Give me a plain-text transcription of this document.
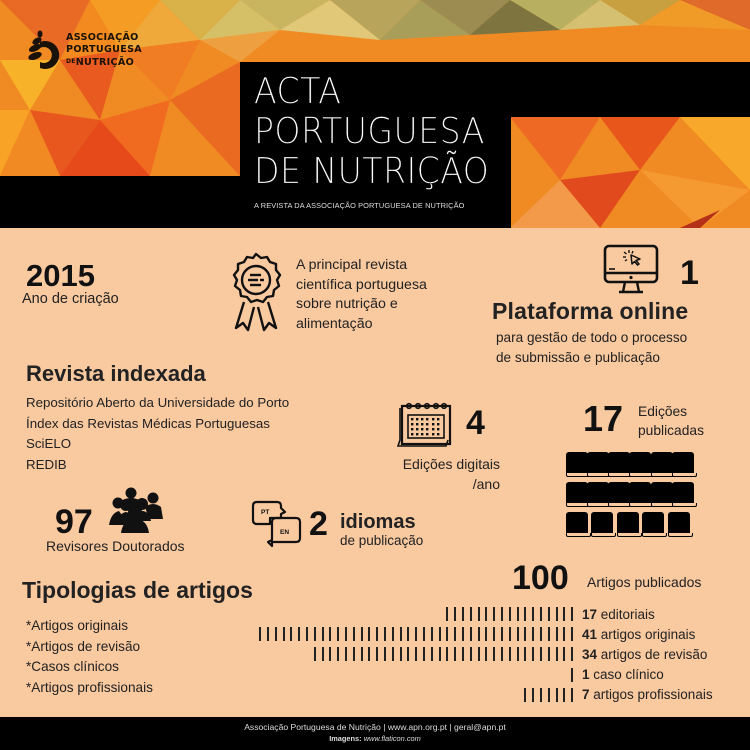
ASSOCIAÇÃO
PORTUGUESA
$^{DE}$NUTRIÇÃO
ACTA
PORTUGUESA
DE NUTRIÇÃO
A REVISTA DA ASSOCIAÇÃO PORTUGUESA DE NUTRIÇÃO
2015
Ano de criação
A principal revista
científica portuguesa
sobre nutrição e
alimentação
1
Plataforma online
para gestão de todo o processo
de submissão e publicação
Revista indexada
Repositório Aberto da Universidade do Porto
Índex das Revistas Médicas Portuguesas
SciELO
REDIB
4
Edições digitais
/ano
17 Edições
publicadas
97
Revisores Doutorados
PT
EN 2 idiomas
de publicação
Tipologias de artigos
*Artigos originais
*Artigos de revisão
*Casos clínicos
*Artigos profissionais
100 Artigos publicados
17 editoriais
41 artigos originais
34 artigos de revisão
1 caso clínico
7 artigos profissionais
Associação Portuguesa de Nutrição | www.apn.org.pt | geral@apn.pt
Imagens: www.flaticon.com
